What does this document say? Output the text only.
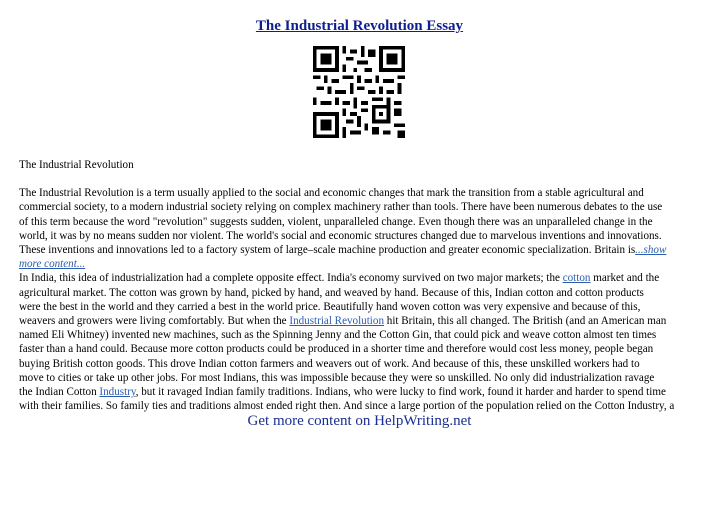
The Industrial Revolution Essay

The Industrial Revolution

The Industrial Revolution is a term usually applied to the social and economic changes that mark the transition from a stable agricultural and
commercial society, to a modern industrial society relying on complex machinery rather than tools. There have been numerous debates to the use
of this term because the word "revolution" suggests sudden, violent, unparalleled change. Even though there was an unparalleled change in the
world, it was by no means sudden nor violent. The world's social and economic structures changed due to marvelous inventions and innovations.
These inventions and innovations led to a factory system of large–scale machine production and greater economic specialization. Britain is...show
more content...

In India, this idea of industrialization had a complete opposite effect. India's economy survived on two major markets; the cotton market and the
agricultural market. The cotton was grown by hand, picked by hand, and weaved by hand. Because of this, Indian cotton and cotton products
were the best in the world and they carried a best in the world price. Beautifully hand woven cotton was very expensive and because of this,
weavers and growers were living comfortably. But when the Industrial Revolution hit Britain, this all changed. The British (and an American man
named Eli Whitney) invented new machines, such as the Spinning Jenny and the Cotton Gin, that could pick and weave cotton almost ten times
faster than a hand could. Because more cotton products could be produced in a shorter time and therefore would cost less money, people began
buying British cotton goods. This drove Indian cotton farmers and weavers out of work. And because of this, these unskilled workers had to
move to cities or take up other jobs. For most Indians, this was impossible because they were so unskilled. No only did industrialization ravage
the Indian Cotton Industry, but it ravaged Indian family traditions. Indians, who were lucky to find work, found it harder and harder to spend time
with their families. So family ties and traditions almost ended right then. And since a large portion of the population relied on the Cotton Industry, a

Get more content on HelpWriting.net
